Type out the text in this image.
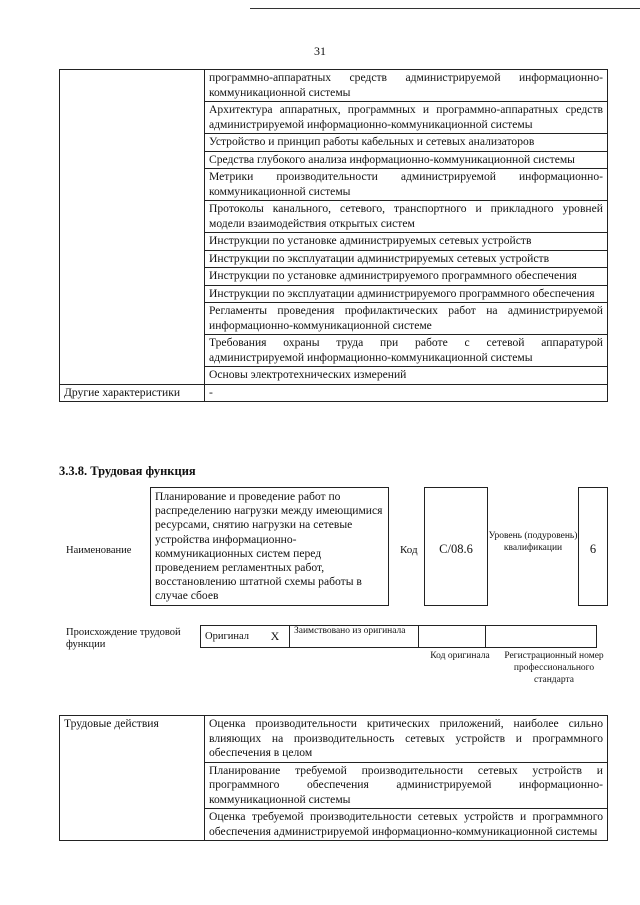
31
	программно-аппаратных средств администрируемой информационно-коммуникационной системы
	Архитектура аппаратных, программных и программно-аппаратных средств администрируемой информационно-коммуникационной системы
	Устройство и принцип работы кабельных и сетевых анализаторов
	Средства глубокого анализа информационно-коммуникационной системы
	Метрики производительности администрируемой информационно-коммуникационной системы
	Протоколы канального, сетевого, транспортного и прикладного уровней модели взаимодействия открытых систем
	Инструкции по установке администрируемых сетевых устройств
	Инструкции по эксплуатации администрируемых сетевых устройств
	Инструкции по установке администрируемого программного обеспечения
	Инструкции по эксплуатации администрируемого программного обеспечения
	Регламенты проведения профилактических работ на администрируемой информационно-коммуникационной системе
	Требования охраны труда при работе с сетевой аппаратурой администрируемой информационно-коммуникационной системы
	Основы электротехнических измерений
Другие характеристики	-
3.3.8. Трудовая функция
Наименование
Планирование и проведение работ по распределению нагрузки между имеющимися ресурсами, снятию нагрузки на сетевые устройства информационно-коммуникационных систем перед проведением регламентных работ, восстановлению штатной схемы работы в случае сбоев
Код	C/08.6
Уровень (подуровень) квалификации	6
Происхождение трудовой функции
Оригинал	X	Заимствовано из оригинала		
Код оригинала	Регистрационный номер профессионального стандарта
Трудовые действия	Оценка производительности критических приложений, наиболее сильно влияющих на производительность сетевых устройств и программного обеспечения в целом
Планирование требуемой производительности сетевых устройств и программного обеспечения администрируемой информационно-коммуникационной системы
Оценка требуемой производительности сетевых устройств и программного обеспечения администрируемой информационно-коммуникационной системы
